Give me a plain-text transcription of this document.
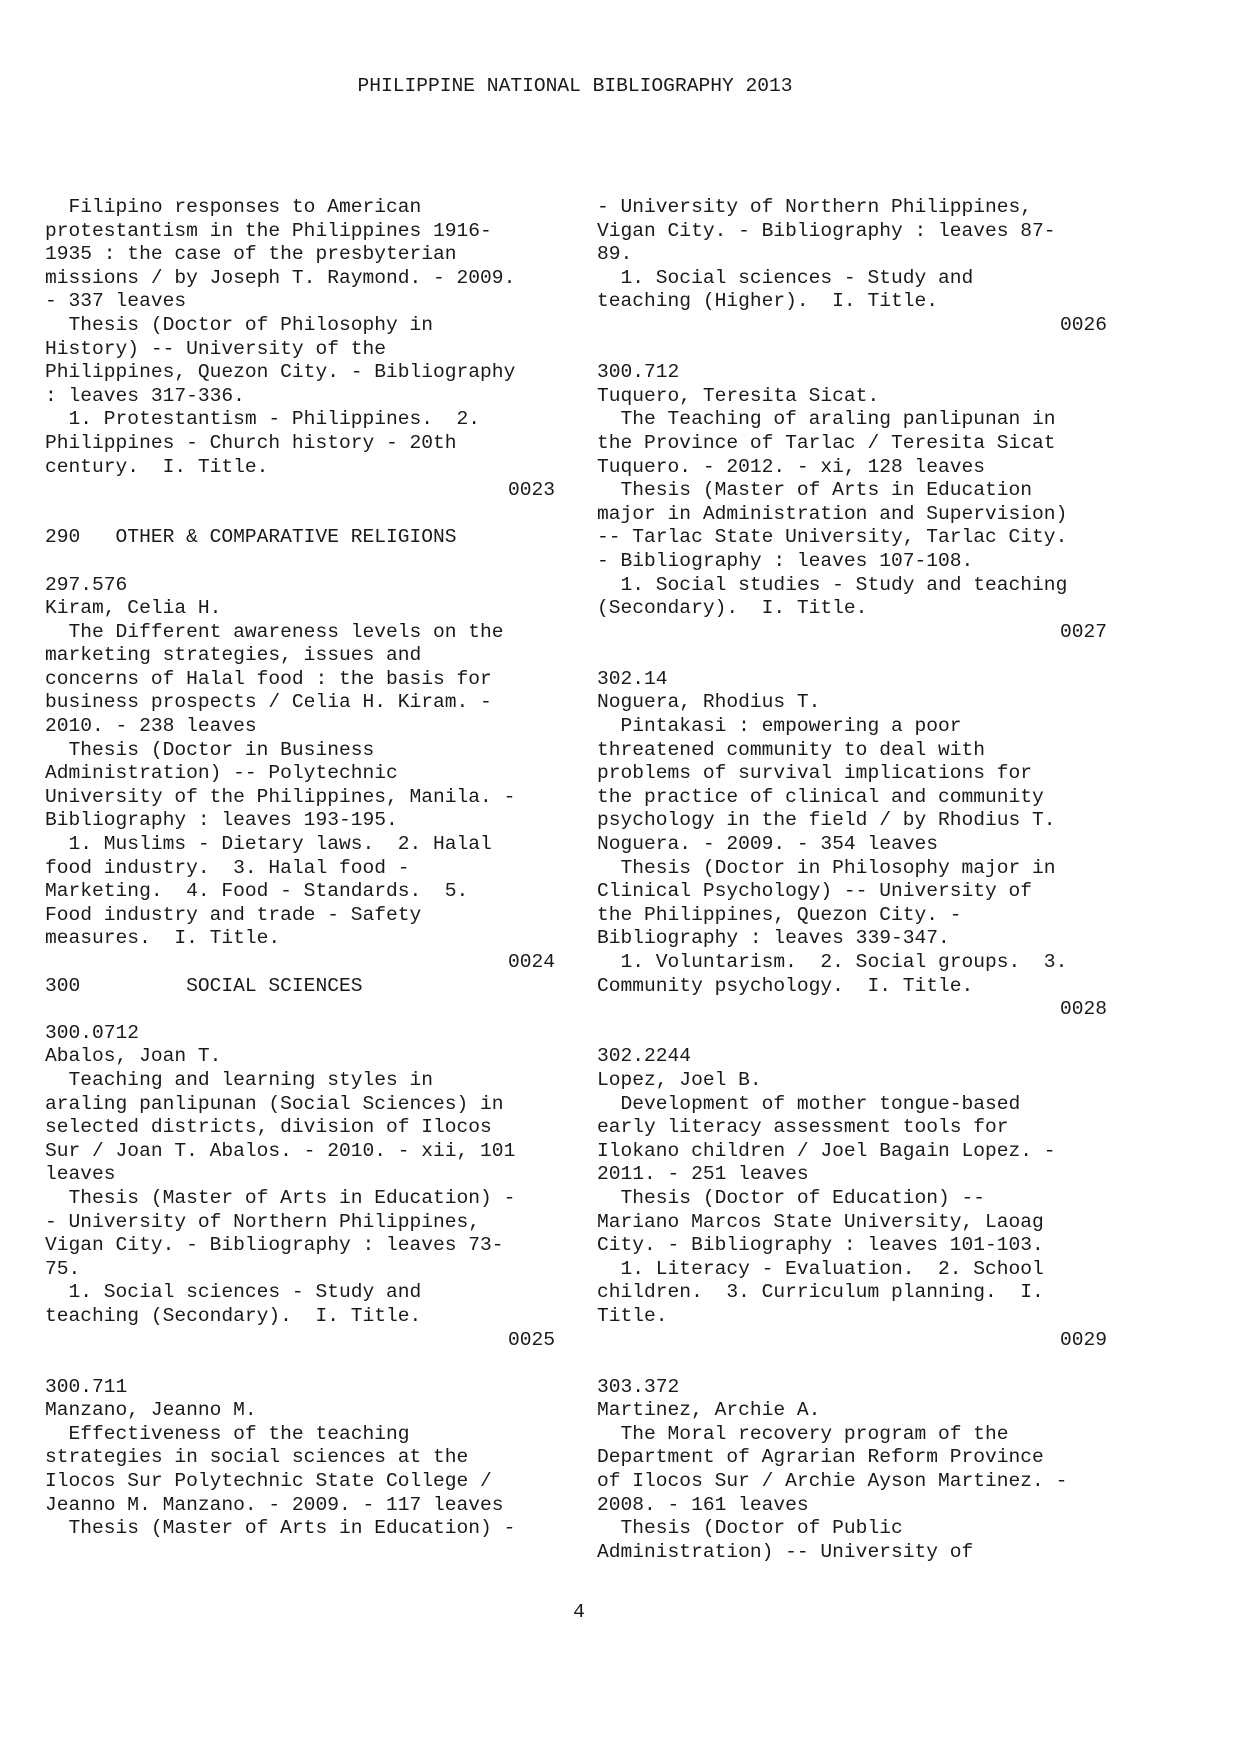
PHILIPPINE NATIONAL BIBLIOGRAPHY 2013
Filipino responses to American
protestantism in the Philippines 1916-
1935 : the case of the presbyterian
missions / by Joseph T. Raymond. - 2009.
- 337 leaves
Thesis (Doctor of Philosophy in
History) -- University of the
Philippines, Quezon City. - Bibliography
: leaves 317-336.
1. Protestantism - Philippines.  2.
Philippines - Church history - 20th
century.  I. Title.
0023
290   OTHER & COMPARATIVE RELIGIONS
297.576
Kiram, Celia H.
The Different awareness levels on the
marketing strategies, issues and
concerns of Halal food : the basis for
business prospects / Celia H. Kiram. -
2010. - 238 leaves
Thesis (Doctor in Business
Administration) -- Polytechnic
University of the Philippines, Manila. -
Bibliography : leaves 193-195.
1. Muslims - Dietary laws.  2. Halal
food industry.  3. Halal food -
Marketing.  4. Food - Standards.  5.
Food industry and trade - Safety
measures.  I. Title.
0024
300         SOCIAL SCIENCES
300.0712
Abalos, Joan T.
Teaching and learning styles in
araling panlipunan (Social Sciences) in
selected districts, division of Ilocos
Sur / Joan T. Abalos. - 2010. - xii, 101
leaves
Thesis (Master of Arts in Education) -
- University of Northern Philippines,
Vigan City. - Bibliography : leaves 73-
75.
1. Social sciences - Study and
teaching (Secondary).  I. Title.
0025
300.711
Manzano, Jeanno M.
Effectiveness of the teaching
strategies in social sciences at the
Ilocos Sur Polytechnic State College /
Jeanno M. Manzano. - 2009. - 117 leaves
Thesis (Master of Arts in Education) -
- University of Northern Philippines,
Vigan City. - Bibliography : leaves 87-
89.
1. Social sciences - Study and
teaching (Higher).  I. Title.
0026
300.712
Tuquero, Teresita Sicat.
The Teaching of araling panlipunan in
the Province of Tarlac / Teresita Sicat
Tuquero. - 2012. - xi, 128 leaves
Thesis (Master of Arts in Education
major in Administration and Supervision)
-- Tarlac State University, Tarlac City.
- Bibliography : leaves 107-108.
1. Social studies - Study and teaching
(Secondary).  I. Title.
0027
302.14
Noguera, Rhodius T.
Pintakasi : empowering a poor
threatened community to deal with
problems of survival implications for
the practice of clinical and community
psychology in the field / by Rhodius T.
Noguera. - 2009. - 354 leaves
Thesis (Doctor in Philosophy major in
Clinical Psychology) -- University of
the Philippines, Quezon City. -
Bibliography : leaves 339-347.
1. Voluntarism.  2. Social groups.  3.
Community psychology.  I. Title.
0028
302.2244
Lopez, Joel B.
Development of mother tongue-based
early literacy assessment tools for
Ilokano children / Joel Bagain Lopez. -
2011. - 251 leaves
Thesis (Doctor of Education) --
Mariano Marcos State University, Laoag
City. - Bibliography : leaves 101-103.
1. Literacy - Evaluation.  2. School
children.  3. Curriculum planning.  I.
Title.
0029
303.372
Martinez, Archie A.
The Moral recovery program of the
Department of Agrarian Reform Province
of Ilocos Sur / Archie Ayson Martinez. -
2008. - 161 leaves
Thesis (Doctor of Public
Administration) -- University of
4
